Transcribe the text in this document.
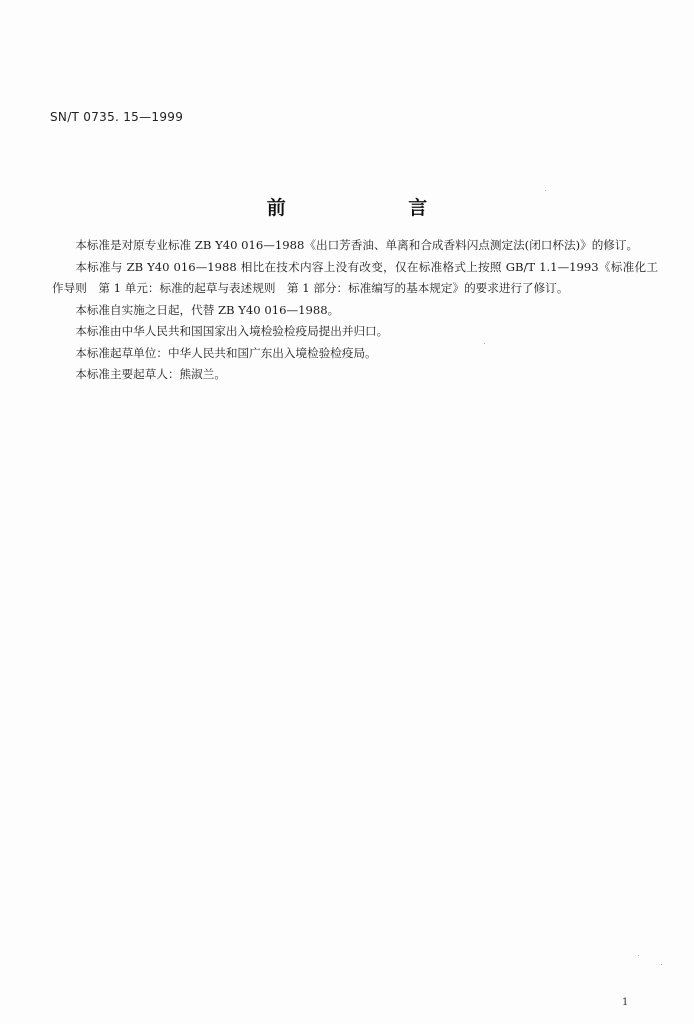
SN/T 0735. 15—1999
前 言

本标准是对原专业标准 ZB Y40 016—1988《出口芳香油、单离和合成香料闪点测定法(闭口杯法)》的修订。

本标准与 ZB Y40 016—1988 相比在技术内容上没有改变，仅在标准格式上按照 GB/T 1.1—1993《标准化工作导则　第 1 单元：标准的起草与表述规则　第 1 部分：标准编写的基本规定》的要求进行了修订。

本标准自实施之日起，代替 ZB Y40 016—1988。

本标准由中华人民共和国国家出入境检验检疫局提出并归口。

本标准起草单位：中华人民共和国广东出入境检验检疫局。

本标准主要起草人：熊淑兰。

1
